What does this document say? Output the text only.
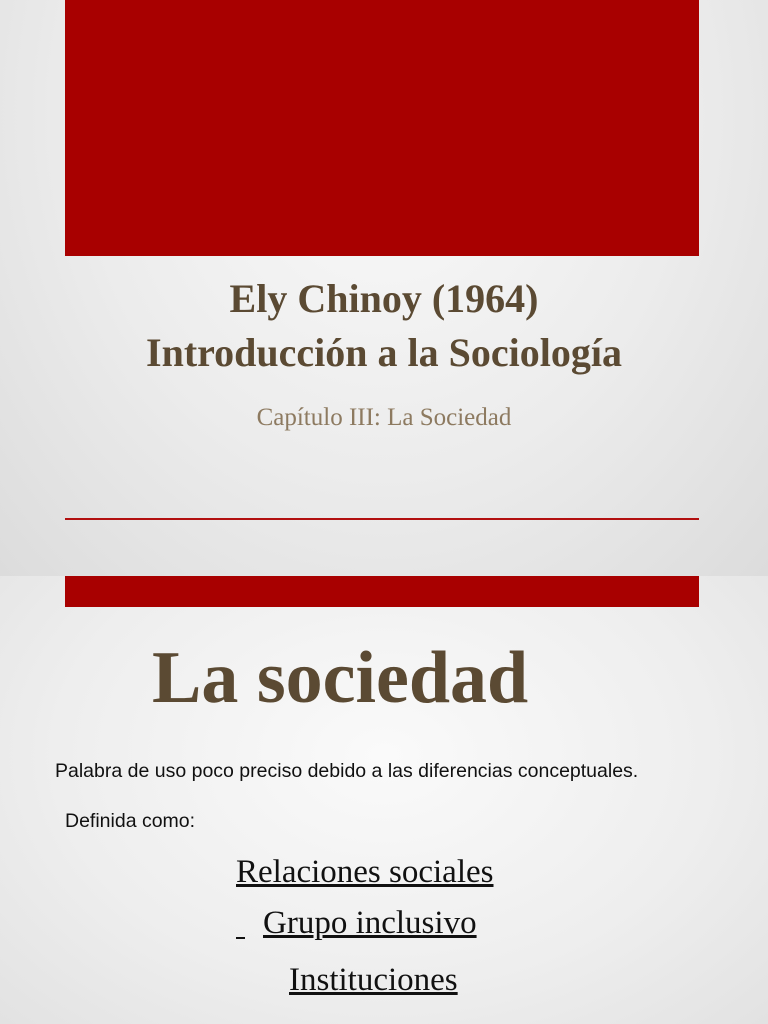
Ely Chinoy (1964)
Introducción a la Sociología
Capítulo III: La Sociedad
La sociedad
Palabra de uso poco preciso debido a las diferencias conceptuales.
Definida como:
Relaciones sociales
Grupo inclusivo
Instituciones
